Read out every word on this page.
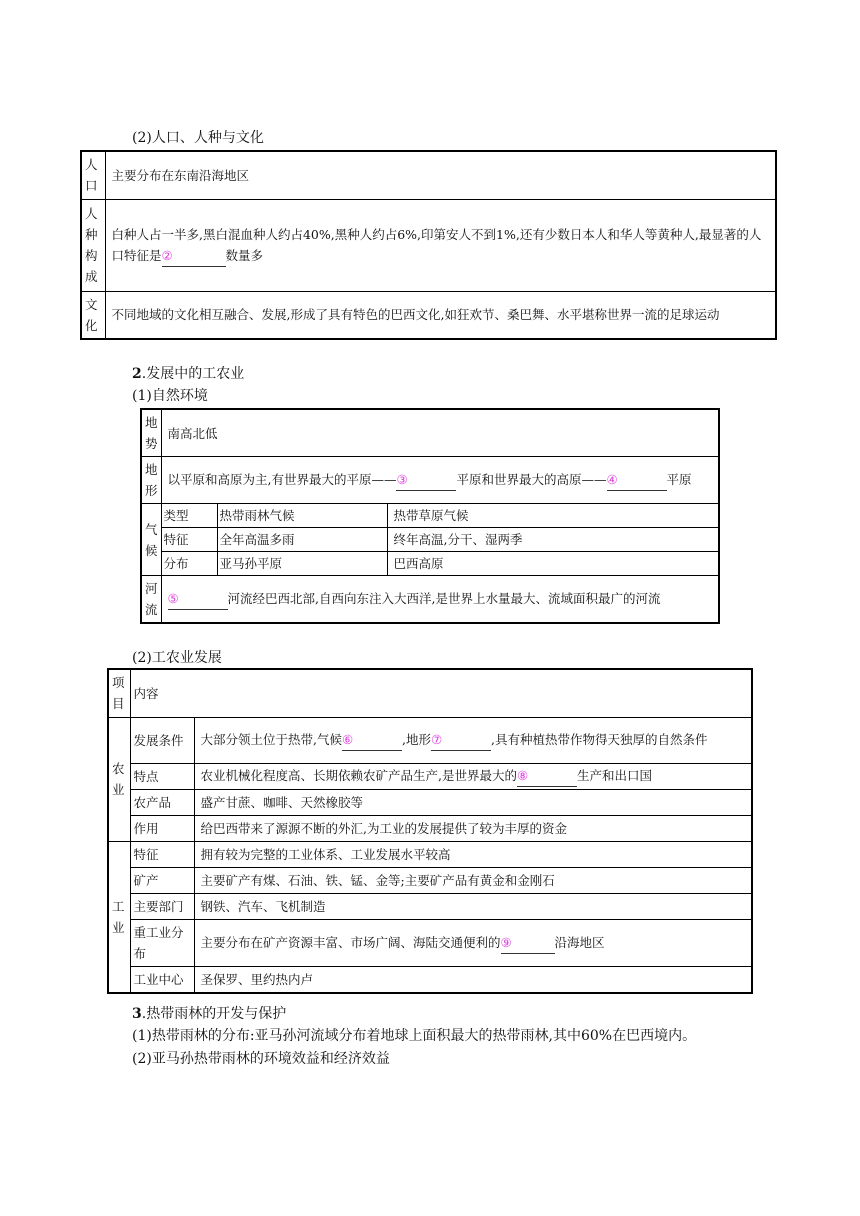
(2)人口、人种与文化
人口	主要分布在东南沿海地区
人种构成	白种人占一半多,黑白混血种人约占40%,黑种人约占6%,印第安人不到1%,还有少数日本人和华人等黄种人,最显著的人口特征是② 数量多
文化	不同地域的文化相互融合、发展,形成了具有特色的巴西文化,如狂欢节、桑巴舞、水平堪称世界一流的足球运动
2.发展中的工农业
(1)自然环境
地势	南高北低		
地形	以平原和高原为主,有世界最大的平原——③ 平原和世界最大的高原——④ 平原		
气候	类型	热带雨林气候	热带草原气候
	特征	全年高温多雨	终年高温,分干、湿两季
	分布	亚马孙平原	巴西高原
河流	⑤ 河流经巴西北部,自西向东注入大西洋,是世界上水量最大、流域面积最广的河流		
(2)工农业发展
项目	内容	
农业	发展条件	大部分领土位于热带,气候⑥ ,地形⑦ ,具有种植热带作物得天独厚的自然条件
	特点	农业机械化程度高、长期依赖农矿产品生产,是世界最大的⑧ 生产和出口国
	农产品	盛产甘蔗、咖啡、天然橡胶等
	作用	给巴西带来了源源不断的外汇,为工业的发展提供了较为丰厚的资金
工业	特征	拥有较为完整的工业体系、工业发展水平较高
	矿产	主要矿产有煤、石油、铁、锰、金等;主要矿产品有黄金和金刚石
	主要部门	钢铁、汽车、飞机制造
	重工业分布	主要分布在矿产资源丰富、市场广阔、海陆交通便利的⑨ 沿海地区
	工业中心	圣保罗、里约热内卢
3.热带雨林的开发与保护
(1)热带雨林的分布:亚马孙河流域分布着地球上面积最大的热带雨林,其中60%在巴西境内。
(2)亚马孙热带雨林的环境效益和经济效益
